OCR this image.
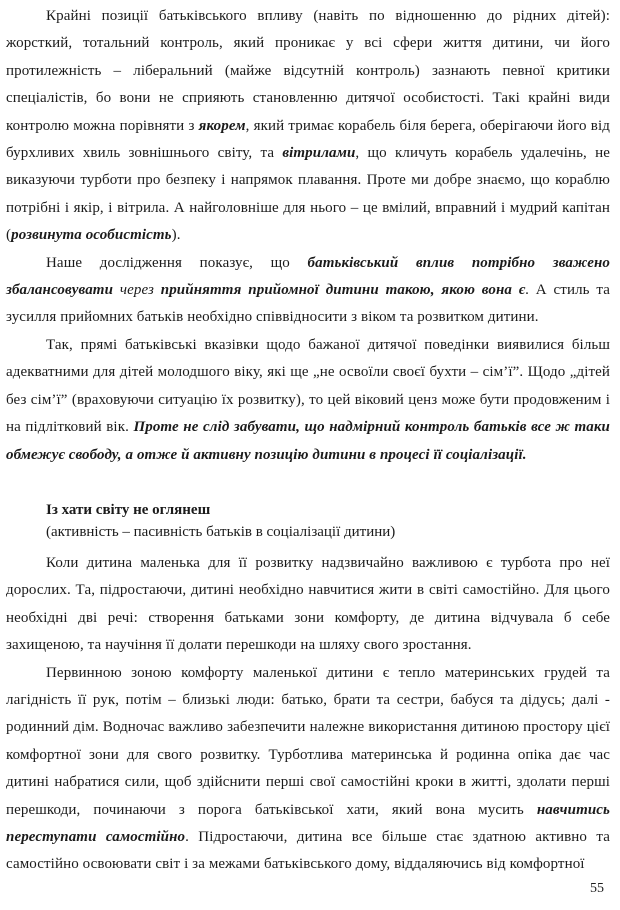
Крайні позиції батьківського впливу (навіть по відношенню до рідних дітей): жорсткий, тотальний контроль, який проникає у всі сфери життя дитини, чи його протилежність – ліберальний (майже відсутній контроль) зазнають певної критики спеціалістів, бо вони не сприяють становленню дитячої особистості. Такі крайні види контролю можна порівняти з якорем, який тримає корабель біля берега, оберігаючи його від бурхливих хвиль зовнішнього світу, та вітрилами, що кличуть корабель удалечінь, не виказуючи турботи про безпеку і напрямок плавання. Проте ми добре знаємо, що кораблю потрібні і якір, і вітрила. А найголовніше для нього – це вмілий, вправний і мудрий капітан (розвинута особистість).

Наше дослідження показує, що батьківський вплив потрібно зважено збалансовувати через прийняття прийомної дитини такою, якою вона є. А стиль та зусилля прийомних батьків необхідно співвідносити з віком та розвитком дитини.

Так, прямі батьківські вказівки щодо бажаної дитячої поведінки виявилися більш адекватними для дітей молодшого віку, які ще „не освоїли своєї бухти – сім’ї”. Щодо „дітей без сім’ї” (враховуючи ситуацію їх розвитку), то цей віковий ценз може бути продовженим і на підлітковий вік. Проте не слід забувати, що надмірний контроль батьків все ж таки обмежує свободу, а отже й активну позицію дитини в процесі її соціалізації.

Із хати світу не оглянеш
(активність – пасивність батьків в соціалізації дитини)

Коли дитина маленька для її розвитку надзвичайно важливою є турбота про неї дорослих. Та, підростаючи, дитині необхідно навчитися жити в світі самостійно. Для цього необхідні дві речі: створення батьками зони комфорту, де дитина відчувала б себе захищеною, та научіння її долати перешкоди на шляху свого зростання.

Первинною зоною комфорту маленької дитини є тепло материнських грудей та лагідність її рук, потім – близькі люди: батько, брати та сестри, бабуся та дідусь; далі - родинний дім. Водночас важливо забезпечити належне використання дитиною простору цієї комфортної зони для свого розвитку. Турботлива материнська й родинна опіка дає час дитині набратися сили, щоб здійснити перші свої самостійні кроки в житті, здолати перші перешкоди, починаючи з порога батьківської хати, який вона мусить навчитись переступати самостійно. Підростаючи, дитина все більше стає здатною активно та самостійно освоювати світ і за межами батьківського дому, віддаляючись від комфортної

55
